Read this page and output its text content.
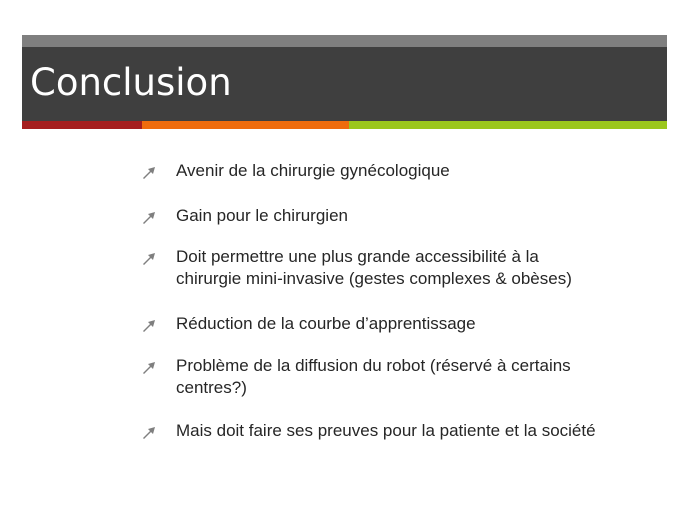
Conclusion
Avenir de la chirurgie gynécologique
Gain pour le chirurgien
Doit permettre une plus grande accessibilité à la
chirurgie mini-invasive (gestes complexes & obèses)
Réduction de la courbe d’apprentissage
Problème de la diffusion du robot (réservé à certains
centres?)
Mais doit faire ses preuves pour la patiente et la société
